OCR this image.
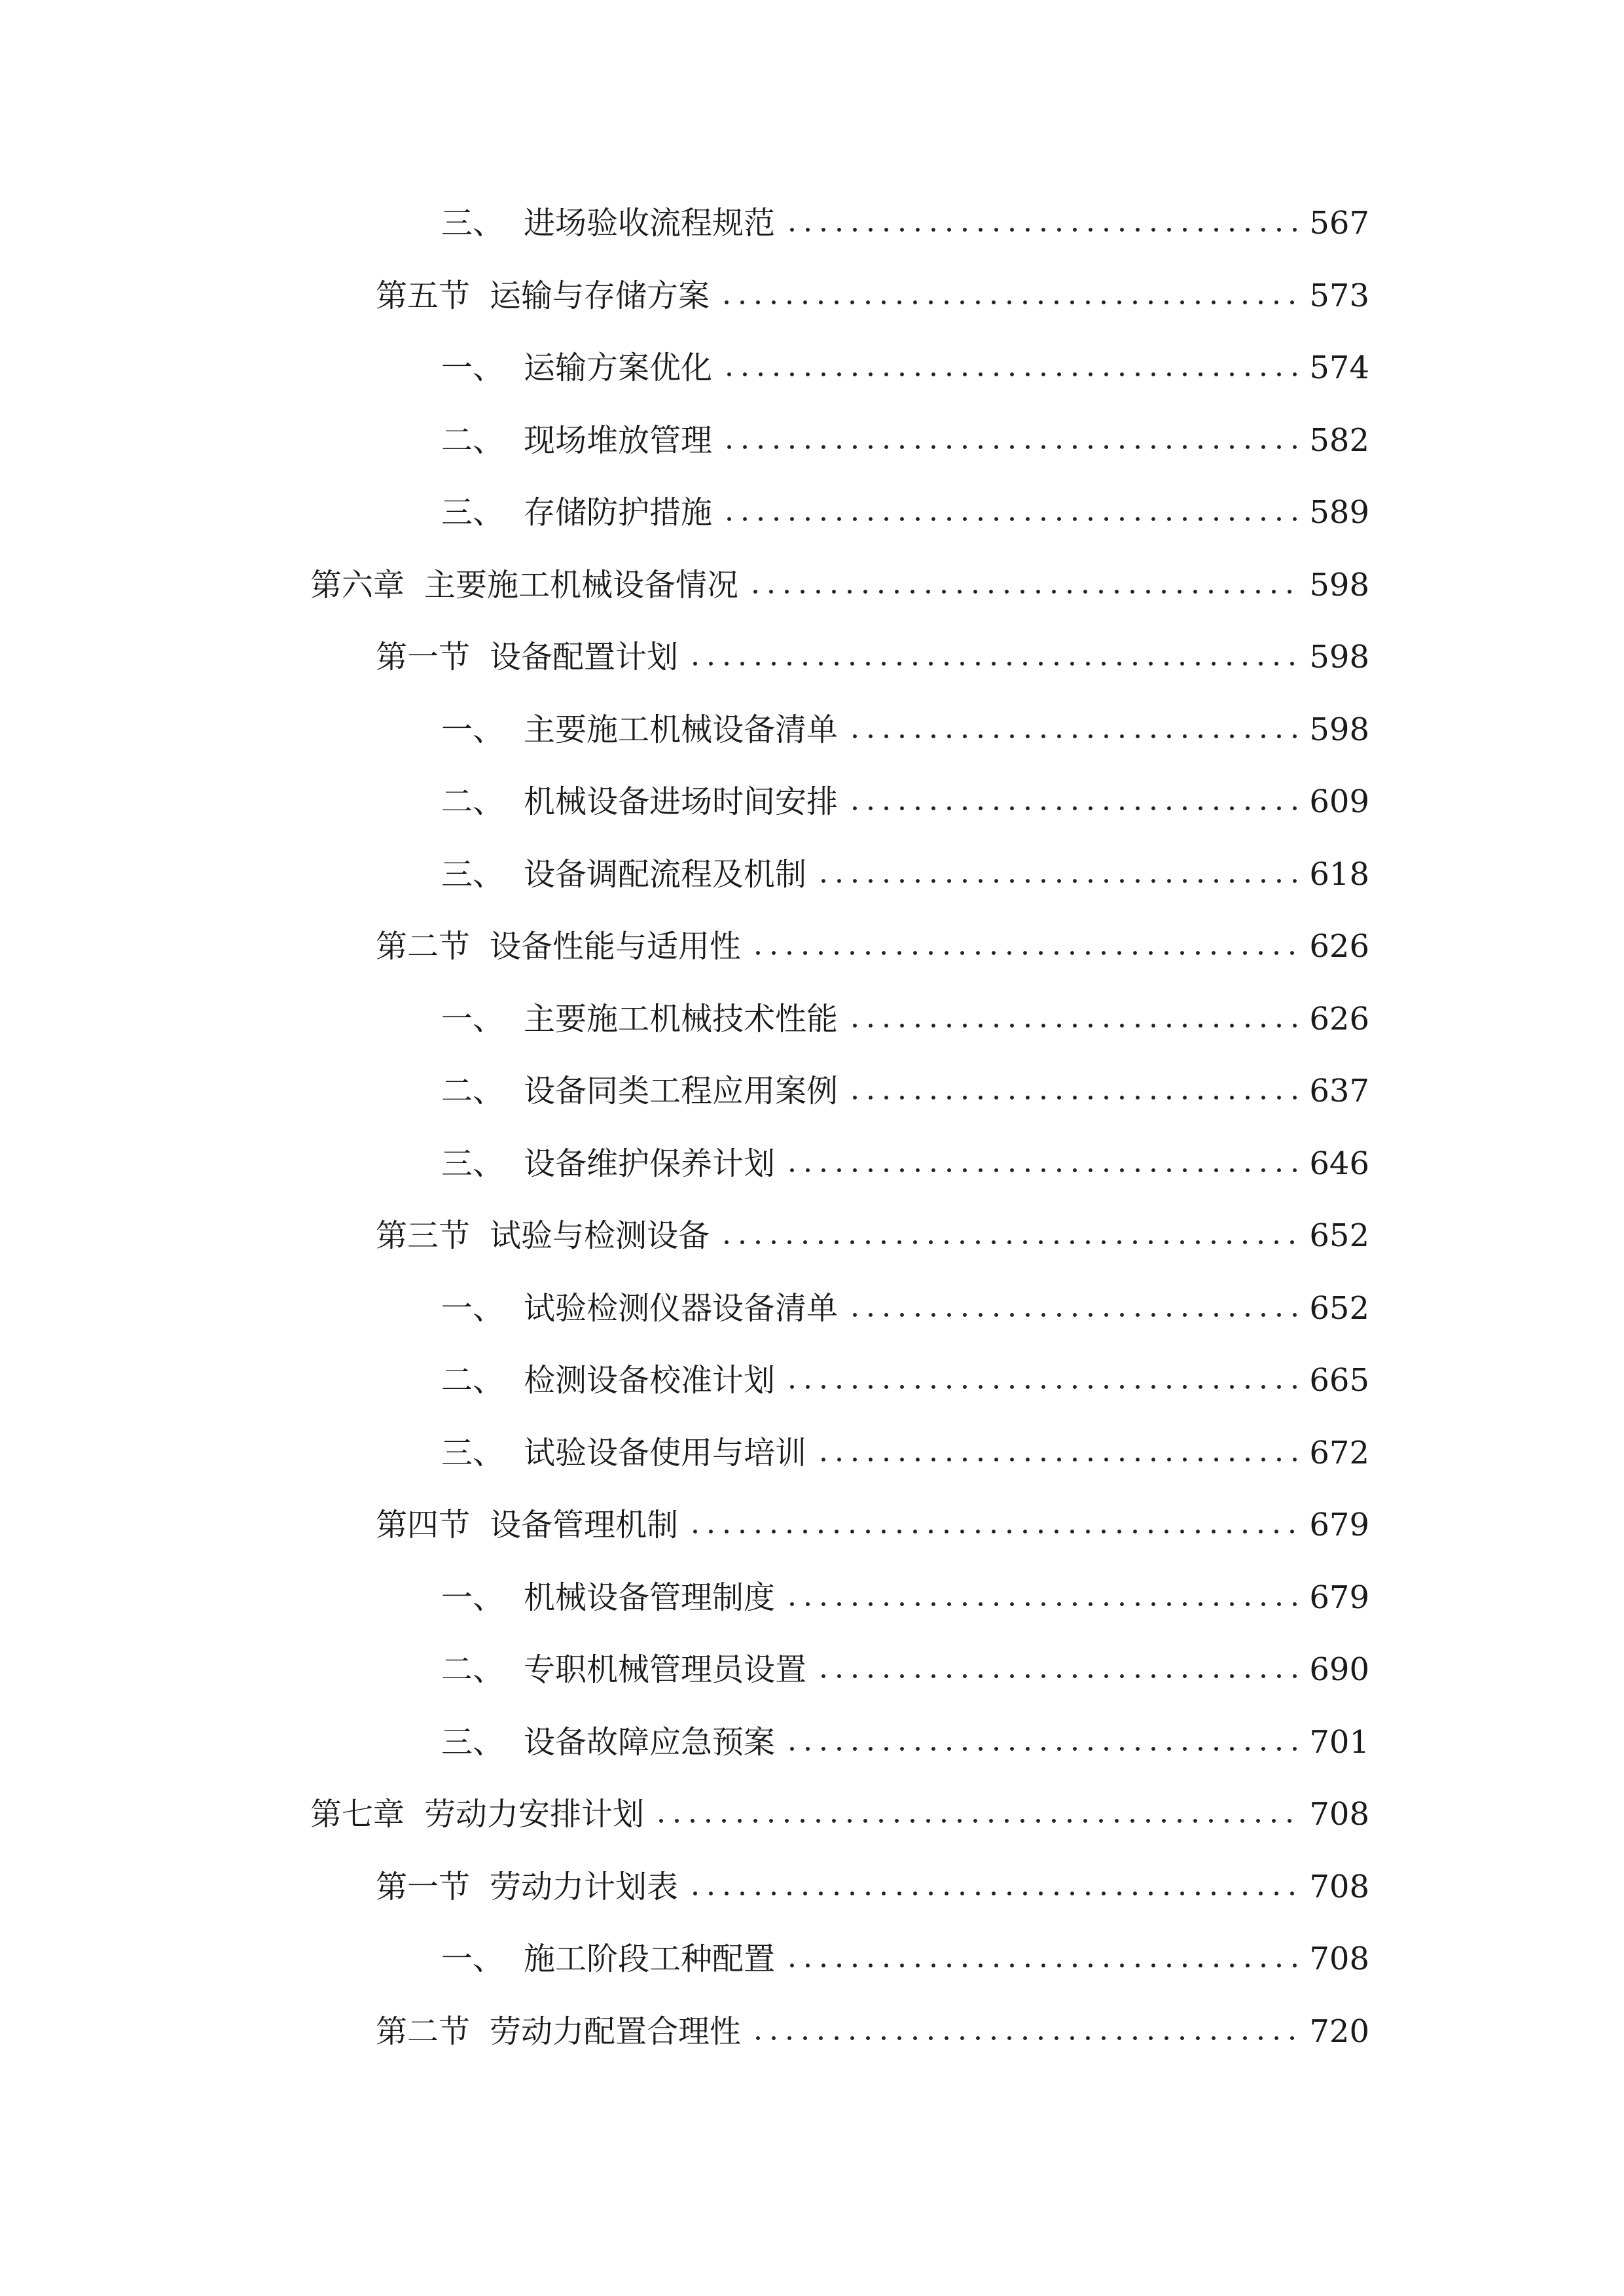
三、 进场验收流程规范	567
第五节 运输与存储方案	573
一、 运输方案优化	574
二、 现场堆放管理	582
三、 存储防护措施	589
第六章 主要施工机械设备情况	598
第一节 设备配置计划	598
一、 主要施工机械设备清单	598
二、 机械设备进场时间安排	609
三、 设备调配流程及机制	618
第二节 设备性能与适用性	626
一、 主要施工机械技术性能	626
二、 设备同类工程应用案例	637
三、 设备维护保养计划	646
第三节 试验与检测设备	652
一、 试验检测仪器设备清单	652
二、 检测设备校准计划	665
三、 试验设备使用与培训	672
第四节 设备管理机制	679
一、 机械设备管理制度	679
二、 专职机械管理员设置	690
三、 设备故障应急预案	701
第七章 劳动力安排计划	708
第一节 劳动力计划表	708
一、 施工阶段工种配置	708
第二节 劳动力配置合理性	720
